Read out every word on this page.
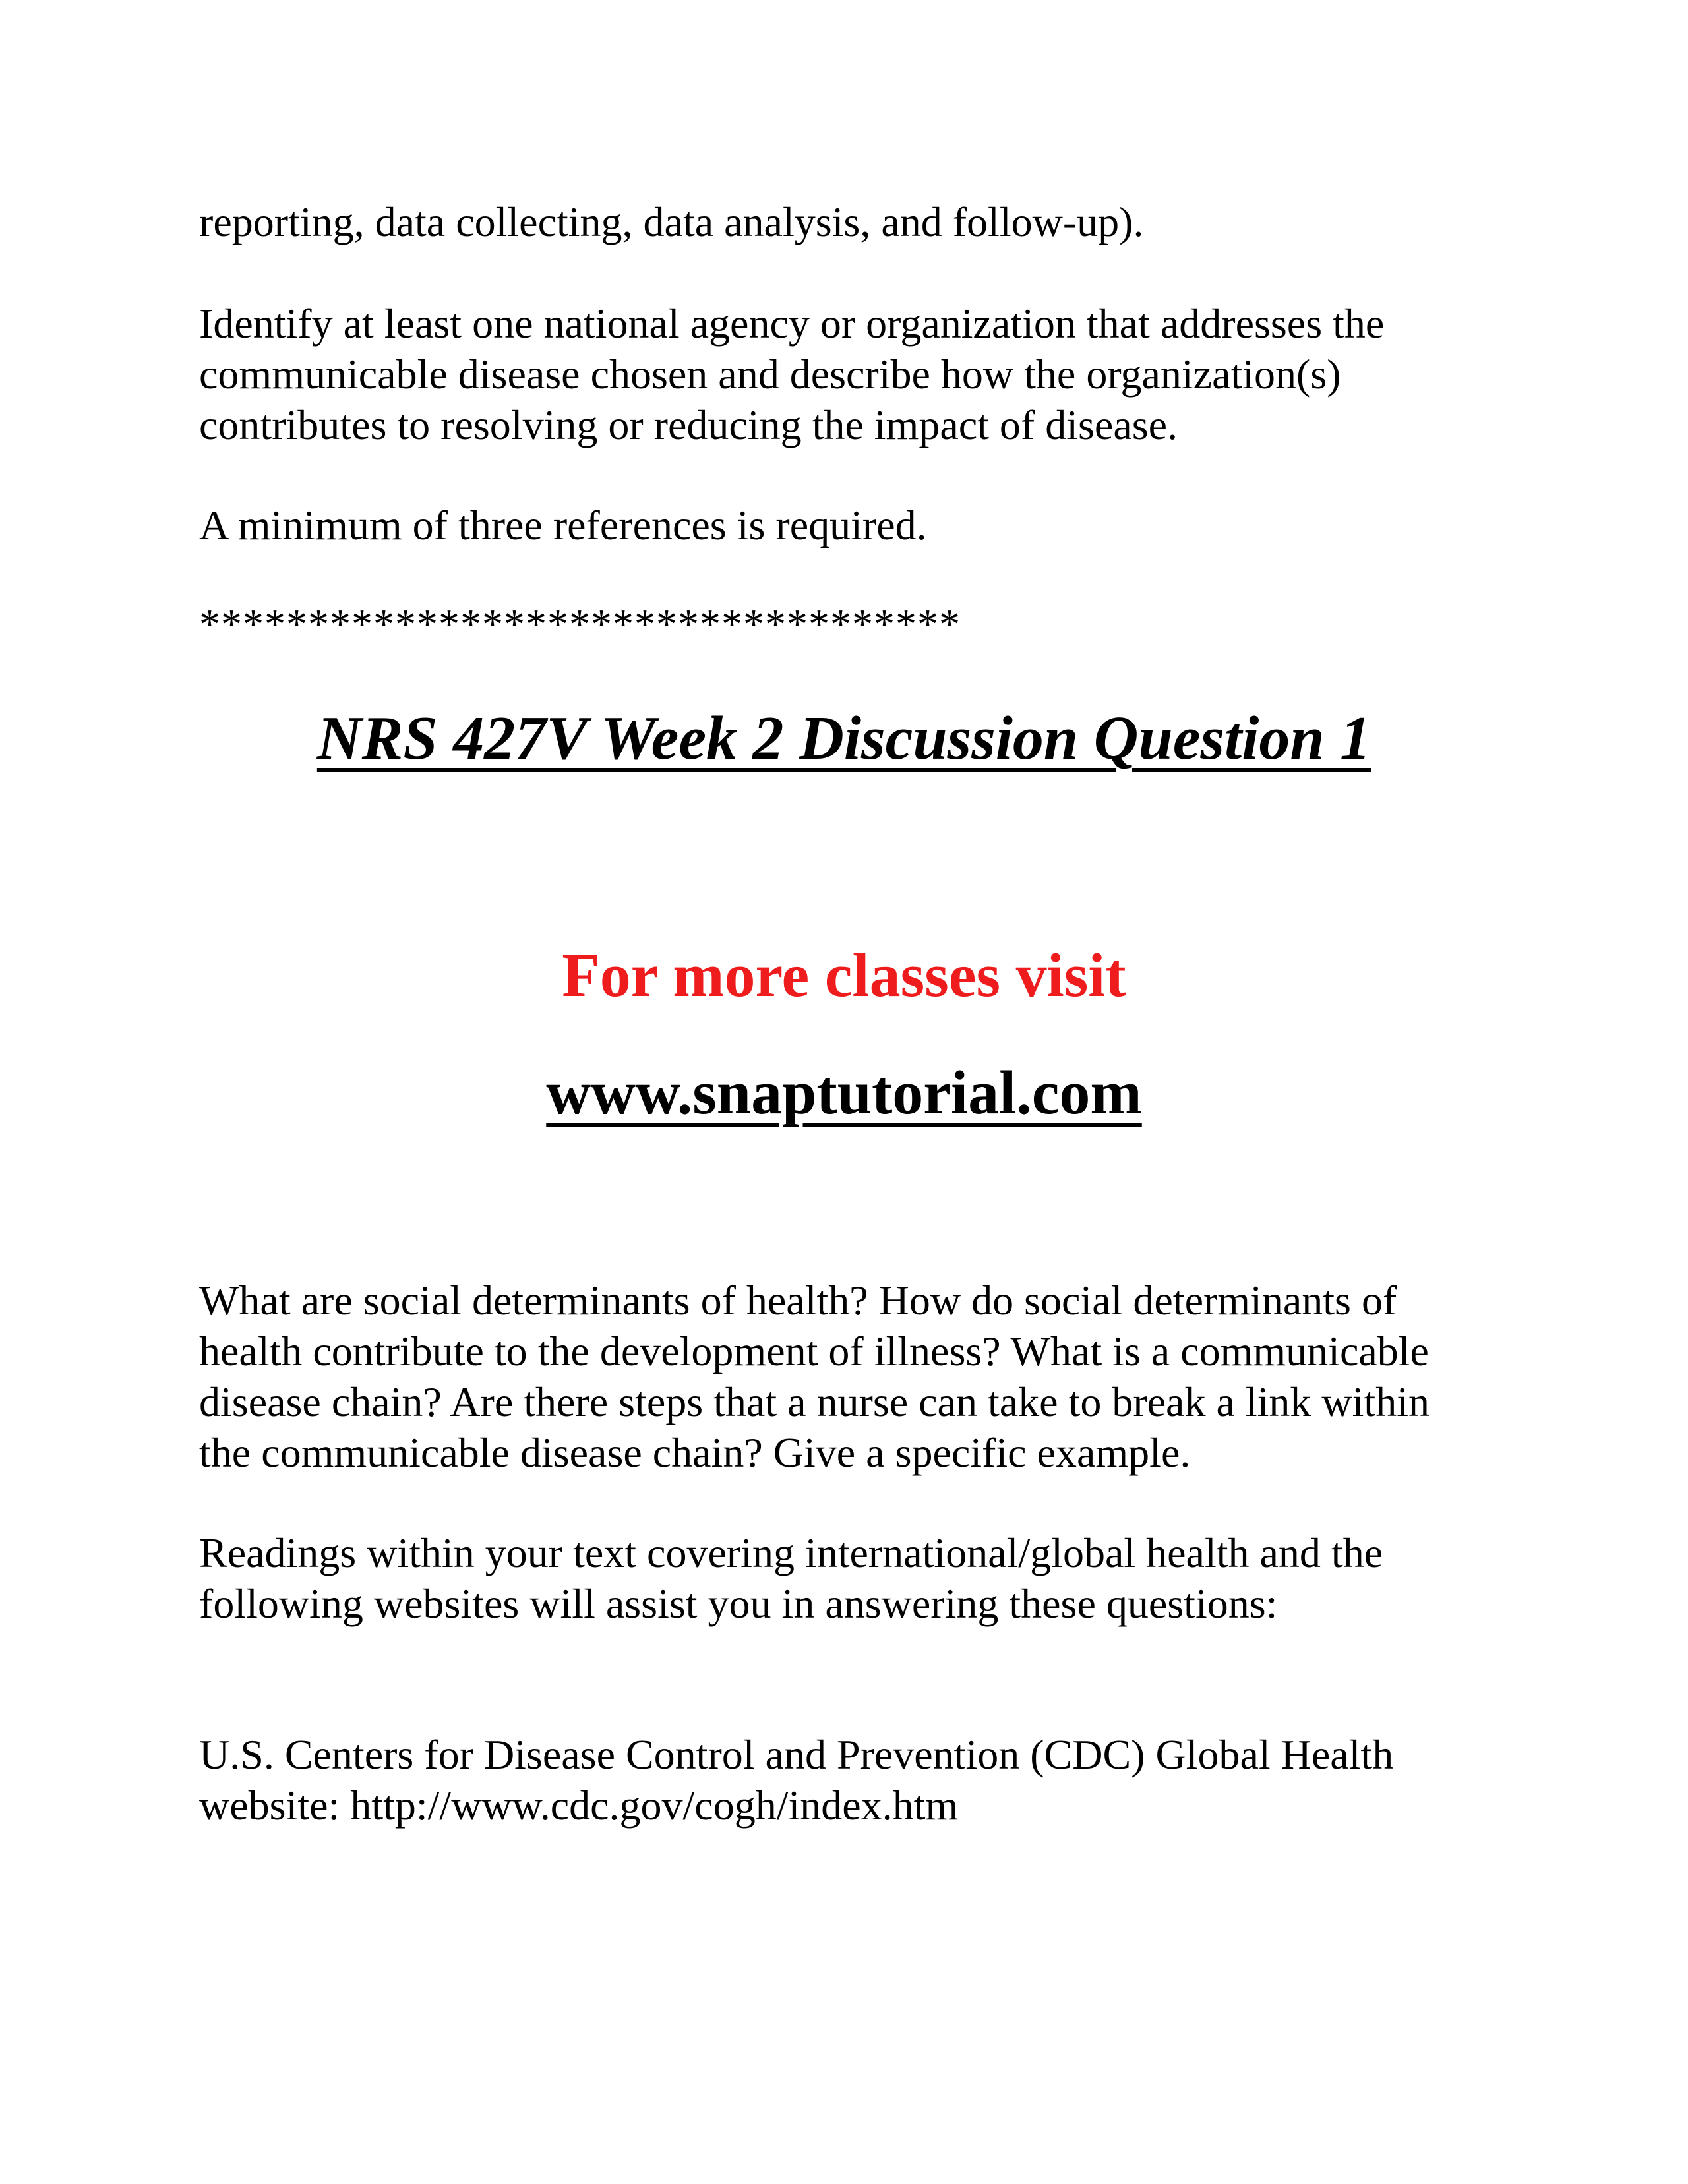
reporting, data collecting, data analysis, and follow-up).

Identify at least one national agency or organization that addresses the
communicable disease chosen and describe how the organization(s)
contributes to resolving or reducing the impact of disease.

A minimum of three references is required.

***********************************

NRS 427V Week 2 Discussion Question 1

For more classes visit

www.snaptutorial.com

What are social determinants of health? How do social determinants of
health contribute to the development of illness? What is a communicable
disease chain? Are there steps that a nurse can take to break a link within
the communicable disease chain? Give a specific example.

Readings within your text covering international/global health and the
following websites will assist you in answering these questions:

U.S. Centers for Disease Control and Prevention (CDC) Global Health
website: http://www.cdc.gov/cogh/index.htm
